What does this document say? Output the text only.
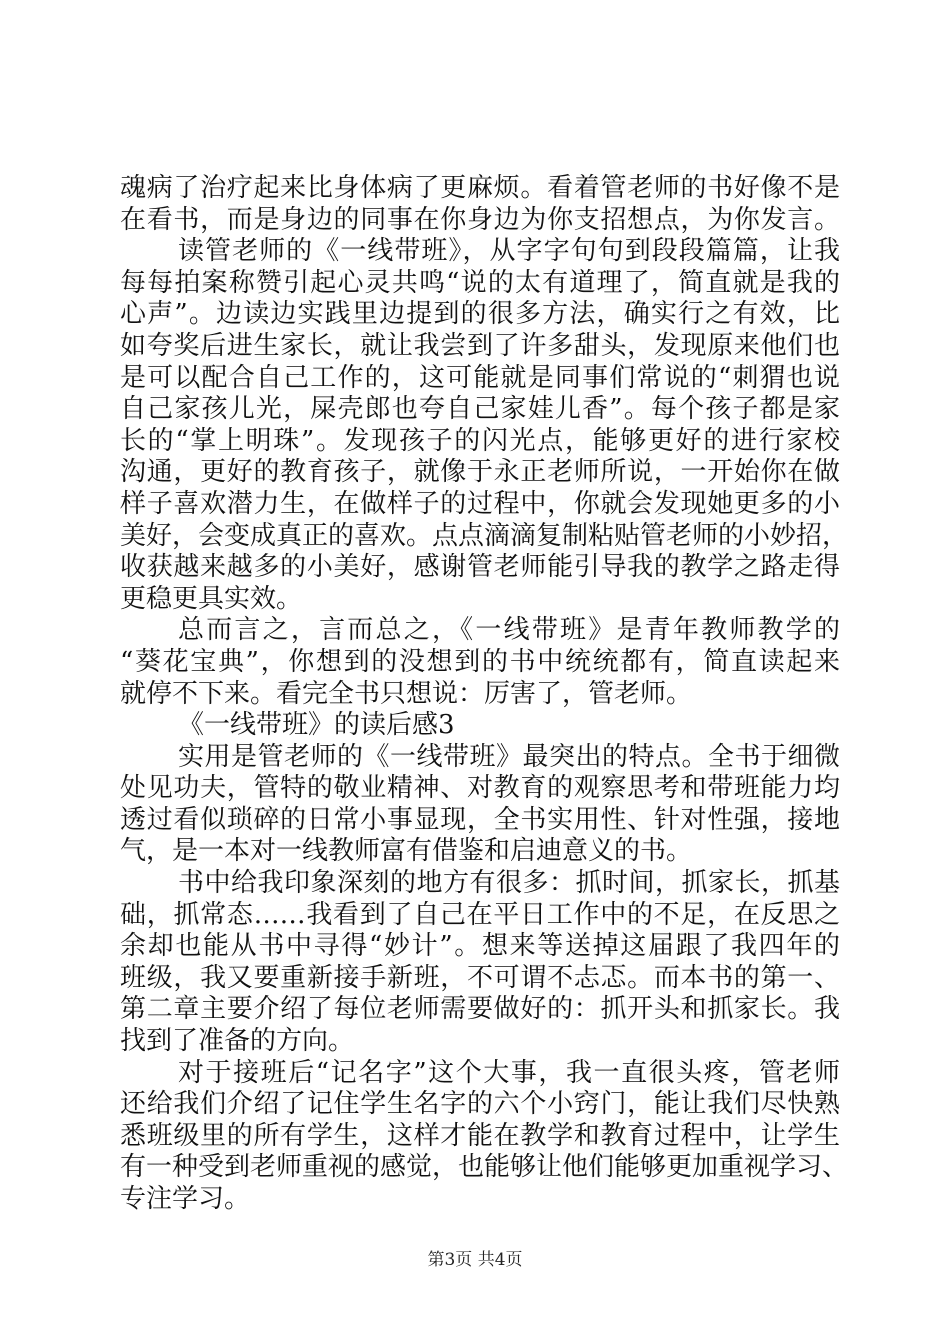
魂病了治疗起来比身体病了更麻烦。看着管老师的书好像不是
在看书，而是身边的同事在你身边为你支招想点，为你发言。
读管老师的《一线带班》，从字字句句到段段篇篇，让我
每每拍案称赞引起心灵共鸣“说的太有道理了，简直就是我的
心声”。边读边实践里边提到的很多方法，确实行之有效，比
如夸奖后进生家长，就让我尝到了许多甜头，发现原来他们也
是可以配合自己工作的，这可能就是同事们常说的“刺猬也说
自己家孩儿光，屎壳郎也夸自己家娃儿香”。每个孩子都是家
长的“掌上明珠”。发现孩子的闪光点，能够更好的进行家校
沟通，更好的教育孩子，就像于永正老师所说，一开始你在做
样子喜欢潜力生，在做样子的过程中，你就会发现她更多的小
美好，会变成真正的喜欢。点点滴滴复制粘贴管老师的小妙招，
收获越来越多的小美好，感谢管老师能引导我的教学之路走得
更稳更具实效。
总而言之，言而总之，《一线带班》是青年教师教学的
“葵花宝典”，你想到的没想到的书中统统都有，简直读起来
就停不下来。看完全书只想说：厉害了，管老师。
《一线带班》的读后感3
实用是管老师的《一线带班》最突出的特点。全书于细微
处见功夫，管特的敬业精神、对教育的观察思考和带班能力均
透过看似琐碎的日常小事显现，全书实用性、针对性强，接地
气，是一本对一线教师富有借鉴和启迪意义的书。
书中给我印象深刻的地方有很多：抓时间，抓家长，抓基
础，抓常态……我看到了自己在平日工作中的不足，在反思之
余却也能从书中寻得“妙计”。想来等送掉这届跟了我四年的
班级，我又要重新接手新班，不可谓不忐忑。而本书的第一、
第二章主要介绍了每位老师需要做好的：抓开头和抓家长。我
找到了准备的方向。
对于接班后“记名字”这个大事，我一直很头疼，管老师
还给我们介绍了记住学生名字的六个小窍门，能让我们尽快熟
悉班级里的所有学生，这样才能在教学和教育过程中，让学生
有一种受到老师重视的感觉，也能够让他们能够更加重视学习、
专注学习。
第3页 共4页
